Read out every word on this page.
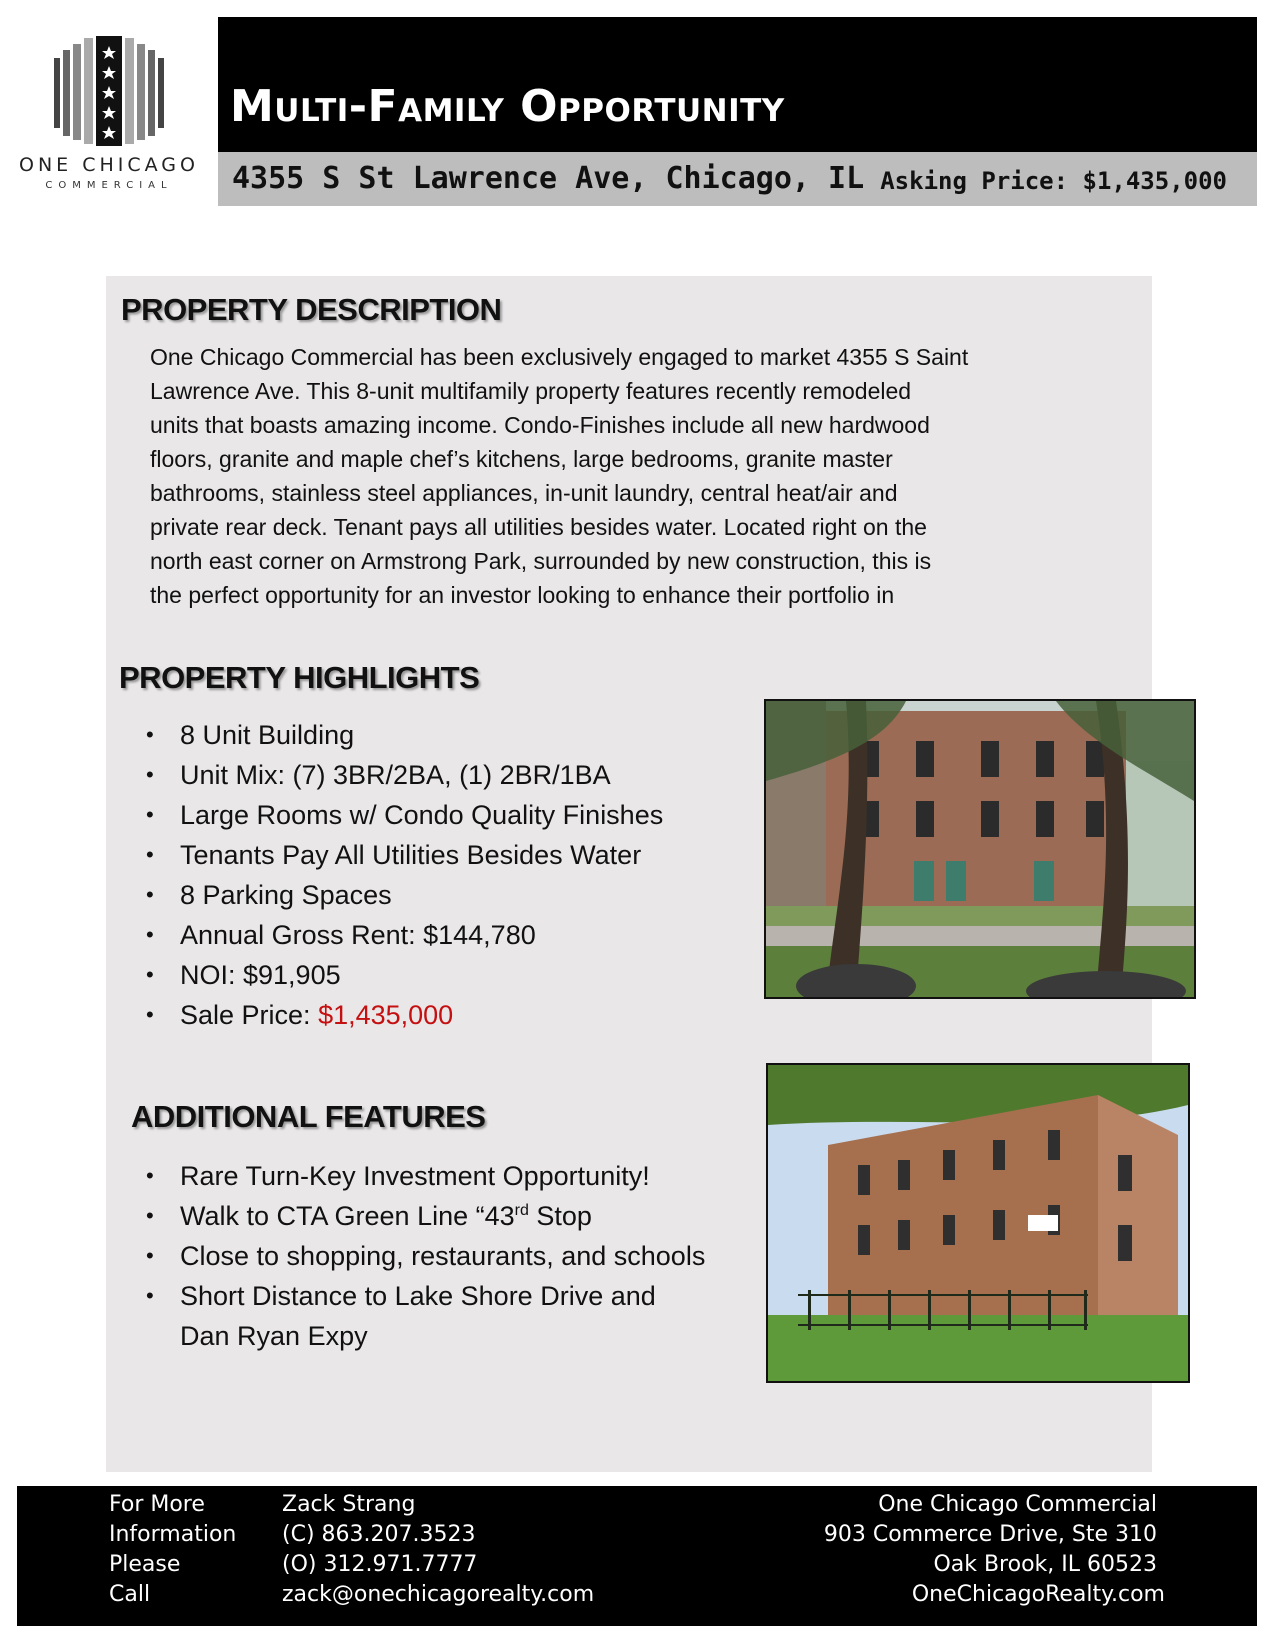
ONE CHICAGO
COMMERCIAL
Multi-Family Opportunity
4355 S St Lawrence Ave, Chicago, IL Asking Price: $1,435,000
PROPERTY DESCRIPTION
One Chicago Commercial has been exclusively engaged to market 4355 S Saint
Lawrence Ave. This 8-unit multifamily property features recently remodeled
units that boasts amazing income. Condo-Finishes include all new hardwood
floors, granite and maple chef’s kitchens, large bedrooms, granite master
bathrooms, stainless steel appliances, in-unit laundry, central heat/air and
private rear deck. Tenant pays all utilities besides water. Located right on the
north east corner on Armstrong Park, surrounded by new construction, this is
the perfect opportunity for an investor looking to enhance their portfolio in
PROPERTY HIGHLIGHTS
• 8 Unit Building
• Unit Mix: (7) 3BR/2BA, (1) 2BR/1BA
• Large Rooms w/ Condo Quality Finishes
• Tenants Pay All Utilities Besides Water
• 8 Parking Spaces
• Annual Gross Rent: $144,780
• NOI: $91,905
• Sale Price: $1,435,000
ADDITIONAL FEATURES
• Rare Turn-Key Investment Opportunity!
• Walk to CTA Green Line “43rd Stop
• Close to shopping, restaurants, and schools
• Short Distance to Lake Shore Drive and
Dan Ryan Expy
For More
Information
Please
Call
Zack Strang
(C) 863.207.3523
(O) 312.971.7777
zack@onechicagorealty.com
One Chicago Commercial
903 Commerce Drive, Ste 310
Oak Brook, IL 60523
OneChicagoRealty.com
